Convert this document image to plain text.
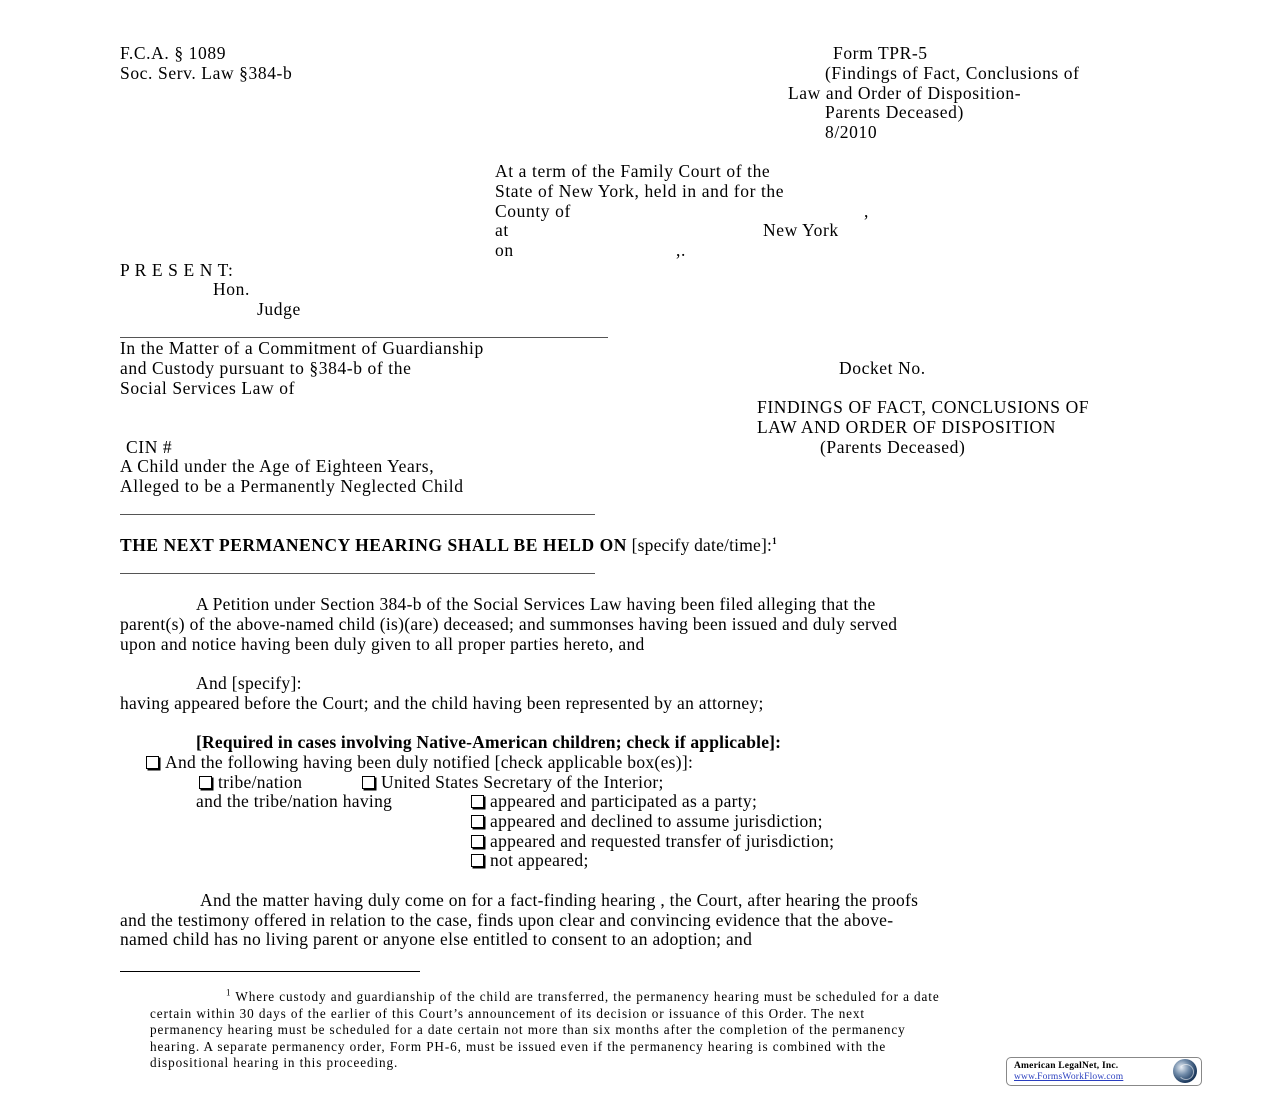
F.C.A. § 1089
Soc. Serv. Law §384-b
Form TPR-5
(Findings of Fact, Conclusions of
Law and Order of Disposition-
Parents Deceased)
8/2010
At a term of the Family Court of the
State of New York, held in and for the
County of	,
at	New York
on	,.
P R E S E N T:
Hon.
Judge
In the Matter of a Commitment of Guardianship
and Custody pursuant to §384-b of the
Social Services Law of
CIN #
A Child under the Age of Eighteen Years,
Alleged to be a Permanently Neglected Child
Docket No.
FINDINGS OF FACT, CONCLUSIONS OF
LAW AND ORDER OF DISPOSITION
(Parents Deceased)
THE NEXT PERMANENCY HEARING SHALL BE HELD ON [specify date/time]:$^1$
A Petition under Section 384-b of the Social Services Law having been filed alleging that the
parent(s) of the above-named child (is)(are) deceased; and summonses having been issued and duly served
upon and notice having been duly given to all proper parties hereto, and
And [specify]:
having appeared before the Court; and the child having been represented by an attorney;
[Required in cases involving Native-American children; check if applicable]:
And the following having been duly notified [check applicable box(es)]:
tribe/nation	United States Secretary of the Interior;
and the tribe/nation having	appeared and participated as a party;
appeared and declined to assume jurisdiction;
appeared and requested transfer of jurisdiction;
not appeared;
And the matter having duly come on for a fact-finding hearing , the Court, after hearing the proofs
and the testimony offered in relation to the case, finds upon clear and convincing evidence that the above-
named child has no living parent or anyone else entitled to consent to an adoption; and
$^1$ Where custody and guardianship of the child are transferred, the permanency hearing must be scheduled for a date
certain within 30 days of the earlier of this Court’s announcement of its decision or issuance of this Order. The next
permanency hearing must be scheduled for a date certain not more than six months after the completion of the permanency
hearing. A separate permanency order, Form PH-6, must be issued even if the permanency hearing is combined with the
dispositional hearing in this proceeding.	American LegalNet, Inc.
www.FormsWorkFlow.com
